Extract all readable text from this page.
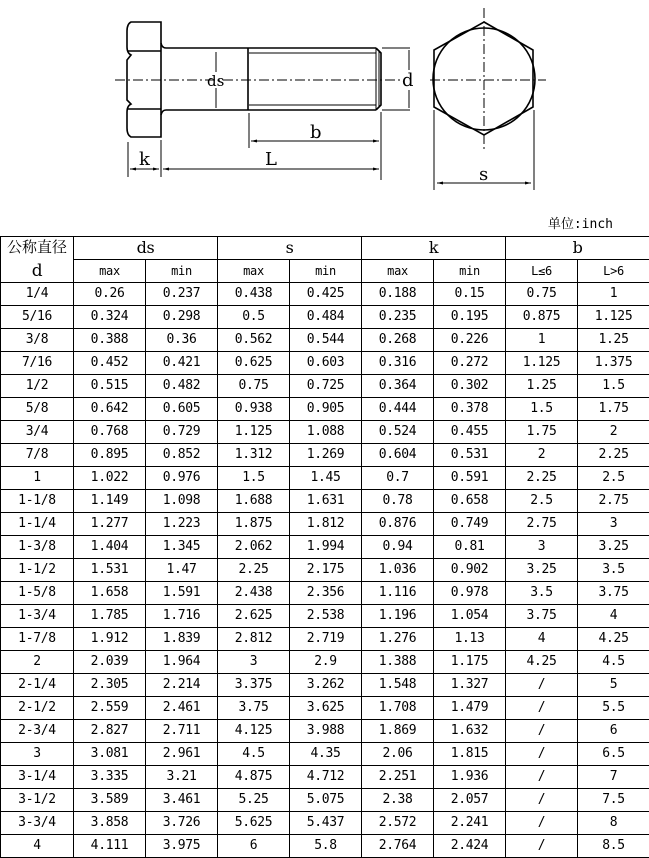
ds	d
b
k	L
s
单位:inch
公称直径
d	ds		s		k		b	
	max	min	max	min	max	min	L≤6	L>6
1/4	0.26	0.237	0.438	0.425	0.188	0.15	0.75	1
5/16	0.324	0.298	0.5	0.484	0.235	0.195	0.875	1.125
3/8	0.388	0.36	0.562	0.544	0.268	0.226	1	1.25
7/16	0.452	0.421	0.625	0.603	0.316	0.272	1.125	1.375
1/2	0.515	0.482	0.75	0.725	0.364	0.302	1.25	1.5
5/8	0.642	0.605	0.938	0.905	0.444	0.378	1.5	1.75
3/4	0.768	0.729	1.125	1.088	0.524	0.455	1.75	2
7/8	0.895	0.852	1.312	1.269	0.604	0.531	2	2.25
1	1.022	0.976	1.5	1.45	0.7	0.591	2.25	2.5
1-1/8	1.149	1.098	1.688	1.631	0.78	0.658	2.5	2.75
1-1/4	1.277	1.223	1.875	1.812	0.876	0.749	2.75	3
1-3/8	1.404	1.345	2.062	1.994	0.94	0.81	3	3.25
1-1/2	1.531	1.47	2.25	2.175	1.036	0.902	3.25	3.5
1-5/8	1.658	1.591	2.438	2.356	1.116	0.978	3.5	3.75
1-3/4	1.785	1.716	2.625	2.538	1.196	1.054	3.75	4
1-7/8	1.912	1.839	2.812	2.719	1.276	1.13	4	4.25
2	2.039	1.964	3	2.9	1.388	1.175	4.25	4.5
2-1/4	2.305	2.214	3.375	3.262	1.548	1.327	/	5
2-1/2	2.559	2.461	3.75	3.625	1.708	1.479	/	5.5
2-3/4	2.827	2.711	4.125	3.988	1.869	1.632	/	6
3	3.081	2.961	4.5	4.35	2.06	1.815	/	6.5
3-1/4	3.335	3.21	4.875	4.712	2.251	1.936	/	7
3-1/2	3.589	3.461	5.25	5.075	2.38	2.057	/	7.5
3-3/4	3.858	3.726	5.625	5.437	2.572	2.241	/	8
4	4.111	3.975	6	5.8	2.764	2.424	/	8.5
